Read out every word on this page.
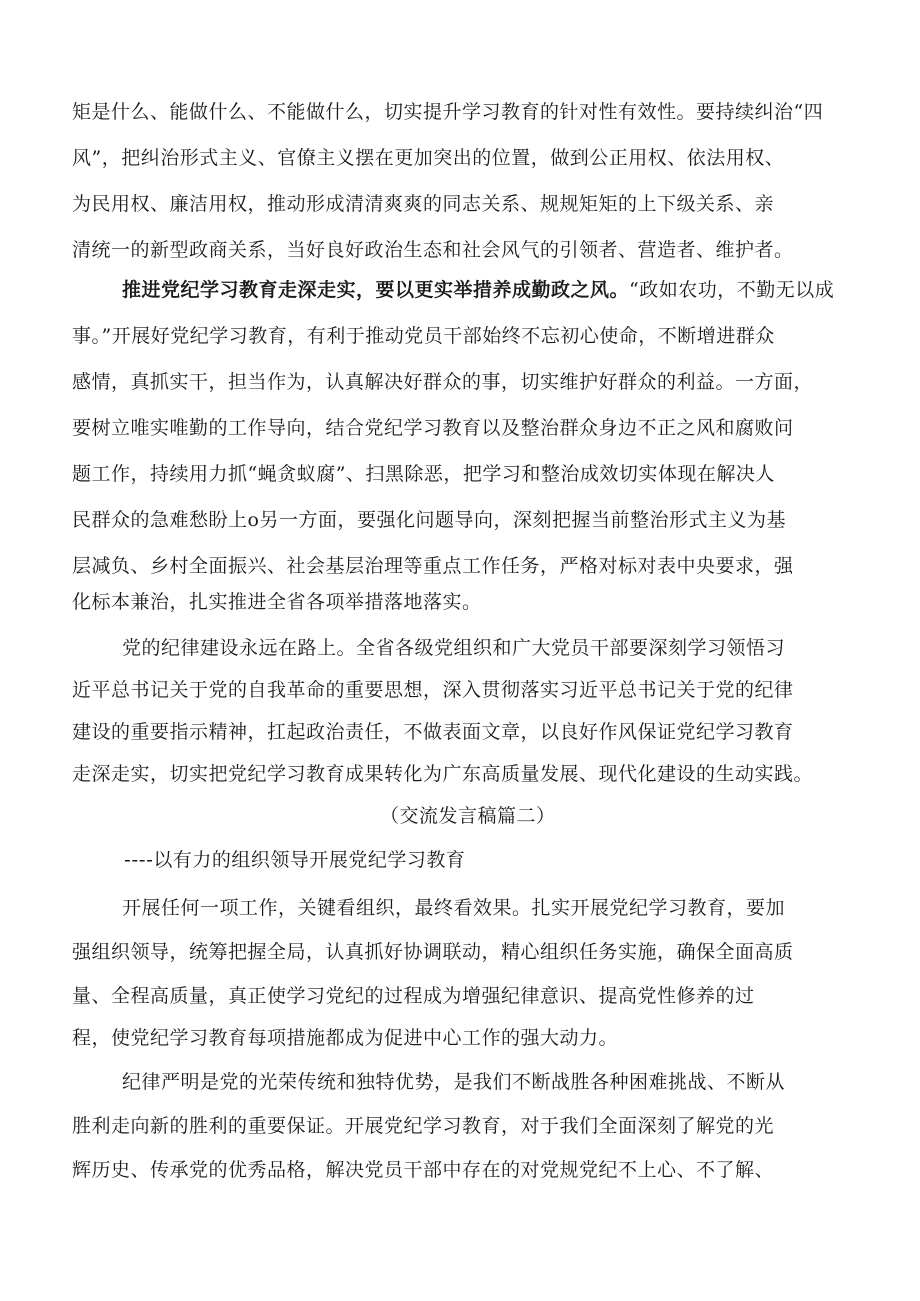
矩是什么、能做什么、不能做什么，切实提升学习教育的针对性有效性。要持续纠治“四
风”，把纠治形式主义、官僚主义摆在更加突出的位置，做到公正用权、依法用权、
为民用权、廉洁用权，推动形成清清爽爽的同志关系、规规矩矩的上下级关系、亲
清统一的新型政商关系，当好良好政治生态和社会风气的引领者、营造者、维护者。
推进党纪学习教育走深走实，要以更实举措养成勤政之风。“政如农功，不勤无以成
事。”开展好党纪学习教育，有利于推动党员干部始终不忘初心使命，不断增进群众
感情，真抓实干，担当作为，认真解决好群众的事，切实维护好群众的利益。一方面，
要树立唯实唯勤的工作导向，结合党纪学习教育以及整治群众身边不正之风和腐败问
题工作，持续用力抓“蝇贪蚁腐”、扫黑除恶，把学习和整治成效切实体现在解决人
民群众的急难愁盼上o另一方面，要强化问题导向，深刻把握当前整治形式主义为基
层减负、乡村全面振兴、社会基层治理等重点工作任务，严格对标对表中央要求，强
化标本兼治，扎实推进全省各项举措落地落实。
党的纪律建设永远在路上。全省各级党组织和广大党员干部要深刻学习领悟习
近平总书记关于党的自我革命的重要思想，深入贯彻落实习近平总书记关于党的纪律
建设的重要指示精神，扛起政治责任，不做表面文章，以良好作风保证党纪学习教育
走深走实，切实把党纪学习教育成果转化为广东高质量发展、现代化建设的生动实践。
（交流发言稿篇二）
----以有力的组织领导开展党纪学习教育
开展任何一项工作，关键看组织，最终看效果。扎实开展党纪学习教育，要加
强组织领导，统筹把握全局，认真抓好协调联动，精心组织任务实施，确保全面高质
量、全程高质量，真正使学习党纪的过程成为增强纪律意识、提高党性修养的过
程，使党纪学习教育每项措施都成为促进中心工作的强大动力。
纪律严明是党的光荣传统和独特优势，是我们不断战胜各种困难挑战、不断从
胜利走向新的胜利的重要保证。开展党纪学习教育，对于我们全面深刻了解党的光
辉历史、传承党的优秀品格，解决党员干部中存在的对党规党纪不上心、不了解、
